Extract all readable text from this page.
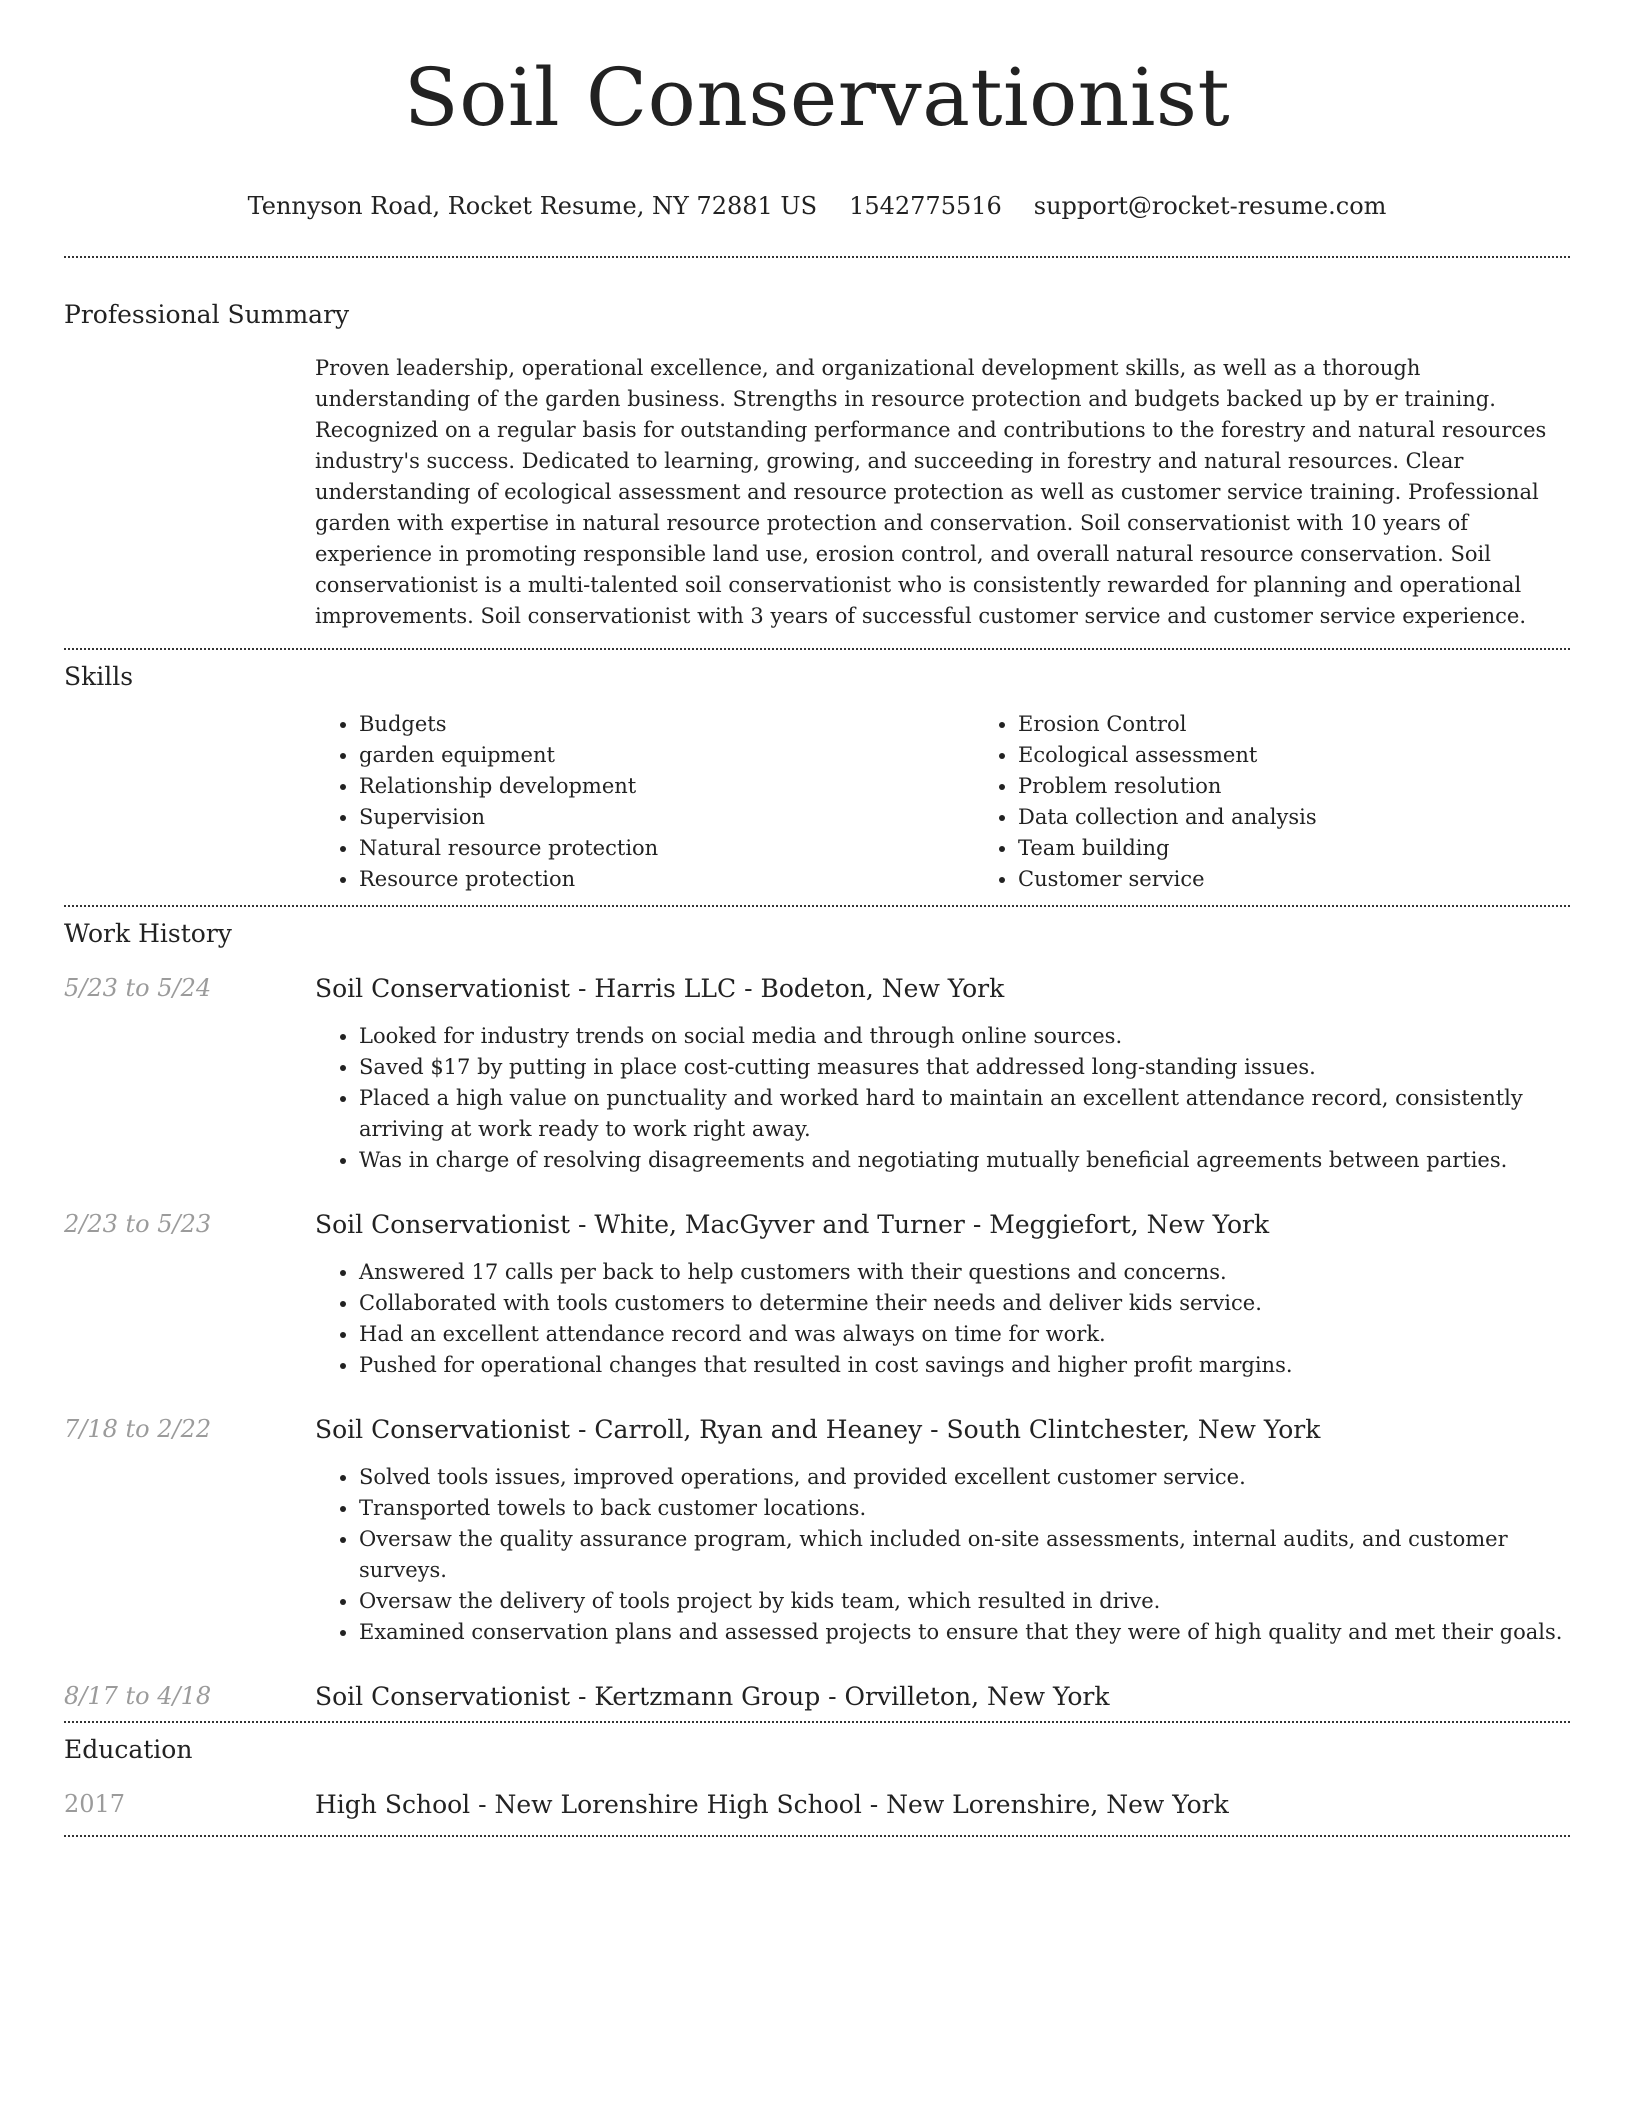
Soil Conservationist
Tennyson Road, Rocket Resume, NY 72881 US 1542775516 support@rocket-resume.com
Professional Summary

Proven leadership, operational excellence, and organizational development skills, as well as a thorough understanding of the garden business. Strengths in resource protection and budgets backed up by er training. Recognized on a regular basis for outstanding performance and contributions to the forestry and natural resources industry's success. Dedicated to learning, growing, and succeeding in forestry and natural resources. Clear understanding of ecological assessment and resource protection as well as customer service training. Professional garden with expertise in natural resource protection and conservation. Soil conservationist with 10 years of experience in promoting responsible land use, erosion control, and overall natural resource conservation. Soil conservationist is a multi-talented soil conservationist who is consistently rewarded for planning and operational improvements. Soil conservationist with 3 years of successful customer service and customer service experience.

Skills
• Budgets
• garden equipment
• Relationship development
• Supervision
• Natural resource protection
• Resource protection
• Erosion Control
• Ecological assessment
• Problem resolution
• Data collection and analysis
• Team building
• Customer service
Work History
5/23 to 5/24	Soil Conservationist - Harris LLC - Bodeton, New York
• Looked for industry trends on social media and through online sources.
• Saved $17 by putting in place cost-cutting measures that addressed long-standing issues.
• Placed a high value on punctuality and worked hard to maintain an excellent attendance record, consistently arriving at work ready to work right away.
• Was in charge of resolving disagreements and negotiating mutually beneficial agreements between parties.
2/23 to 5/23	Soil Conservationist - White, MacGyver and Turner - Meggiefort, New York
• Answered 17 calls per back to help customers with their questions and concerns.
• Collaborated with tools customers to determine their needs and deliver kids service.
• Had an excellent attendance record and was always on time for work.
• Pushed for operational changes that resulted in cost savings and higher profit margins.
7/18 to 2/22	Soil Conservationist - Carroll, Ryan and Heaney - South Clintchester, New York
• Solved tools issues, improved operations, and provided excellent customer service.
• Transported towels to back customer locations.
• Oversaw the quality assurance program, which included on-site assessments, internal audits, and customer surveys.
• Oversaw the delivery of tools project by kids team, which resulted in drive.
• Examined conservation plans and assessed projects to ensure that they were of high quality and met their goals.
8/17 to 4/18	Soil Conservationist - Kertzmann Group - Orvilleton, New York
Education
2017	High School - New Lorenshire High School - New Lorenshire, New York
